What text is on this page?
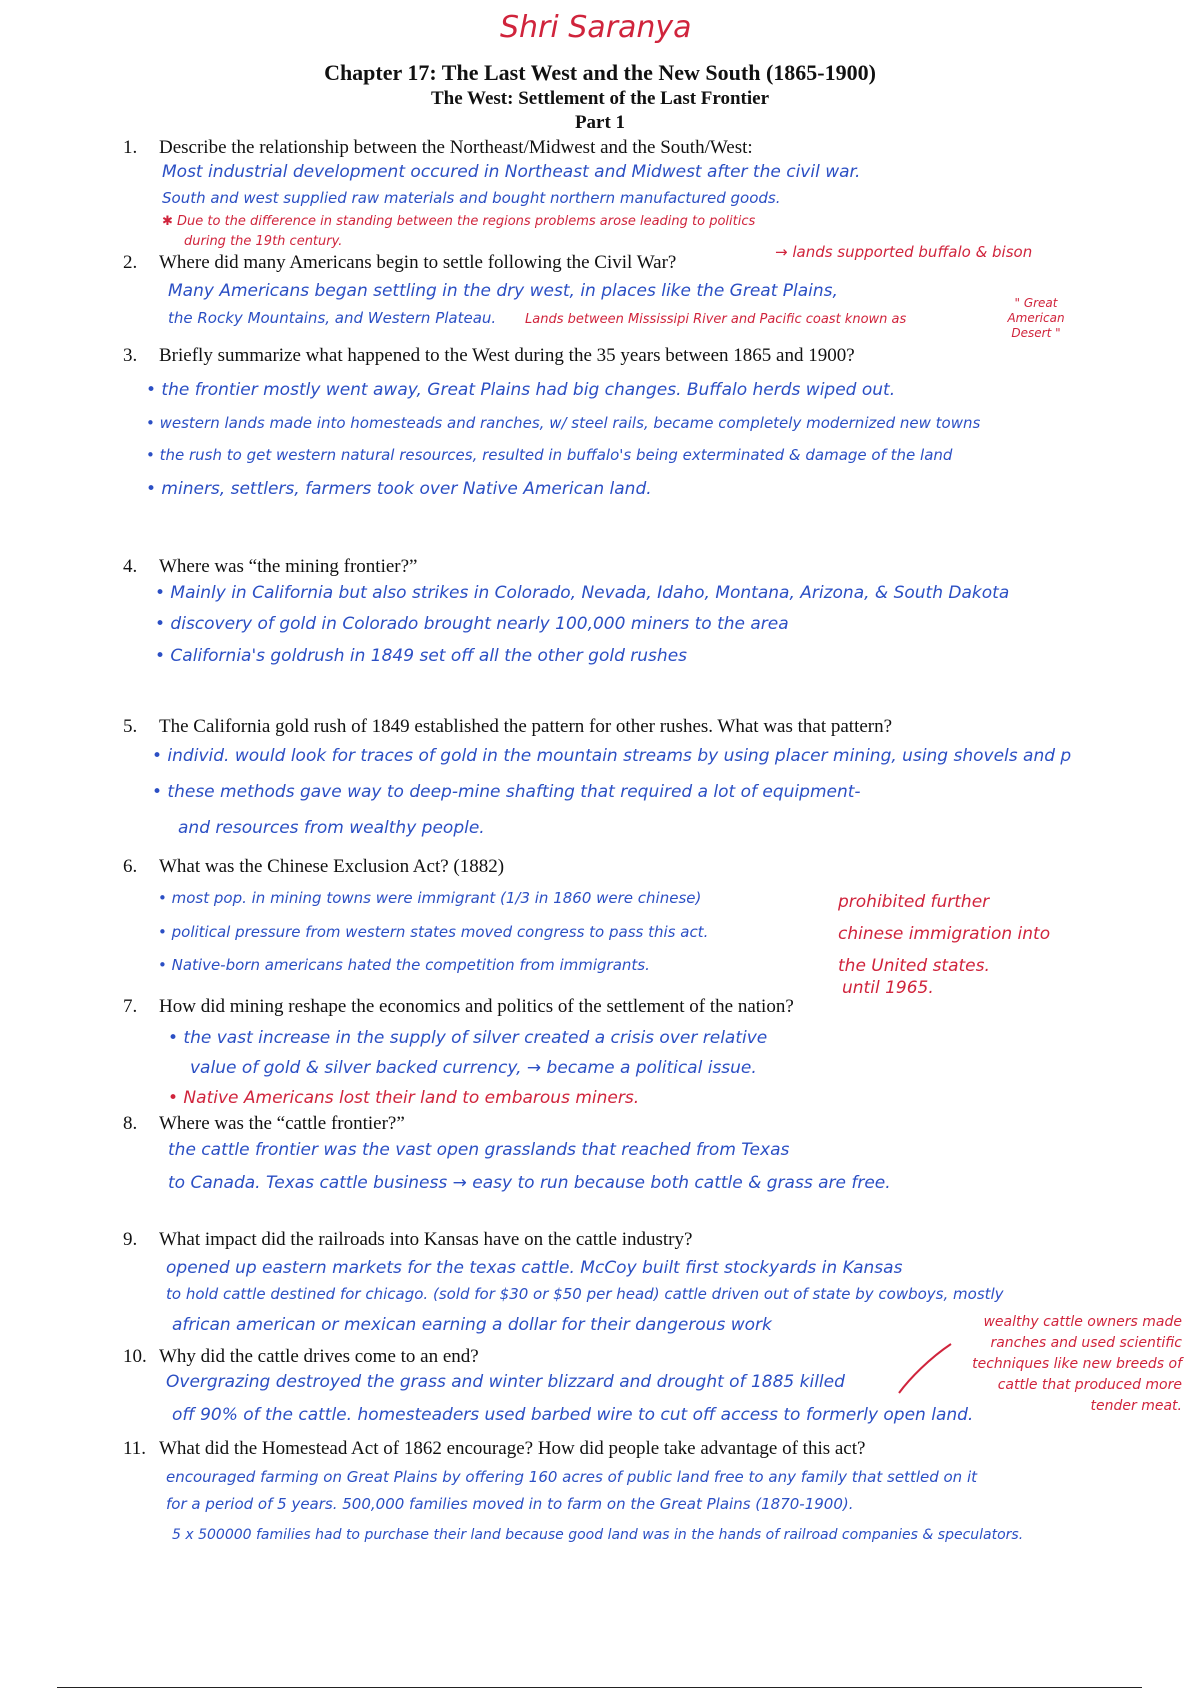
Shri Saranya
Chapter 17: The Last West and the New South (1865-1900)
The West: Settlement of the Last Frontier
Part 1
1. Describe the relationship between the Northeast/Midwest and the South/West:
Most industrial development occured in Northeast and Midwest after the civil war.
South and west supplied raw materials and bought northern manufactured goods.
✱ Due to the difference in standing between the regions problems arose leading to politics
during the 19th century.
2. Where did many Americans begin to settle following the Civil War?	→ lands supported buffalo & bison
Many Americans began settling in the dry west, in places like the Great Plains,
the Rocky Mountains, and Western Plateau. Lands between Mississipi River and Pacific coast known as
" Great American Desert "
3. Briefly summarize what happened to the West during the 35 years between 1865 and 1900?
• the frontier mostly went away, Great Plains had big changes. Buffalo herds wiped out.
• western lands made into homesteads and ranches, w/ steel rails, became completely modernized new towns
• the rush to get western natural resources, resulted in buffalo's being exterminated & damage of the land
• miners, settlers, farmers took over Native American land.
4. Where was “the mining frontier?”
• Mainly in California but also strikes in Colorado, Nevada, Idaho, Montana, Arizona, & South Dakota
• discovery of gold in Colorado brought nearly 100,000 miners to the area
• California's goldrush in 1849 set off all the other gold rushes
5. The California gold rush of 1849 established the pattern for other rushes. What was that pattern?
• individ. would look for traces of gold in the mountain streams by using placer mining, using shovels and p
• these methods gave way to deep-mine shafting that required a lot of equipment-
and resources from wealthy people.
6. What was the Chinese Exclusion Act? (1882)
• most pop. in mining towns were immigrant (1/3 in 1860 were chinese)
• political pressure from western states moved congress to pass this act.
• Native-born americans hated the competition from immigrants.
prohibited further chinese immigration into the United states.
until 1965.
7. How did mining reshape the economics and politics of the settlement of the nation?
• the vast increase in the supply of silver created a crisis over relative
value of gold & silver backed currency, → became a political issue.
• Native Americans lost their land to embarous miners.
8. Where was the “cattle frontier?”
the cattle frontier was the vast open grasslands that reached from Texas
to Canada. Texas cattle business → easy to run because both cattle & grass are free.
9. What impact did the railroads into Kansas have on the cattle industry?
opened up eastern markets for the texas cattle. McCoy built first stockyards in Kansas
to hold cattle destined for chicago. (sold for $30 or $50 per head) cattle driven out of state by cowboys, mostly
african american or mexican earning a dollar for their dangerous work
10. Why did the cattle drives come to an end?
Overgrazing destroyed the grass and winter blizzard and drought of 1885 killed
off 90% of the cattle. homesteaders used barbed wire to cut off access to formerly open land.
wealthy cattle owners made ranches and used scientific techniques like new breeds of cattle that produced more tender meat.
11. What did the Homestead Act of 1862 encourage? How did people take advantage of this act?
encouraged farming on Great Plains by offering 160 acres of public land free to any family that settled on it
for a period of 5 years. 500,000 families moved in to farm on the Great Plains (1870-1900).
5 x 500000 families had to purchase their land because good land was in the hands of railroad companies & speculators.
